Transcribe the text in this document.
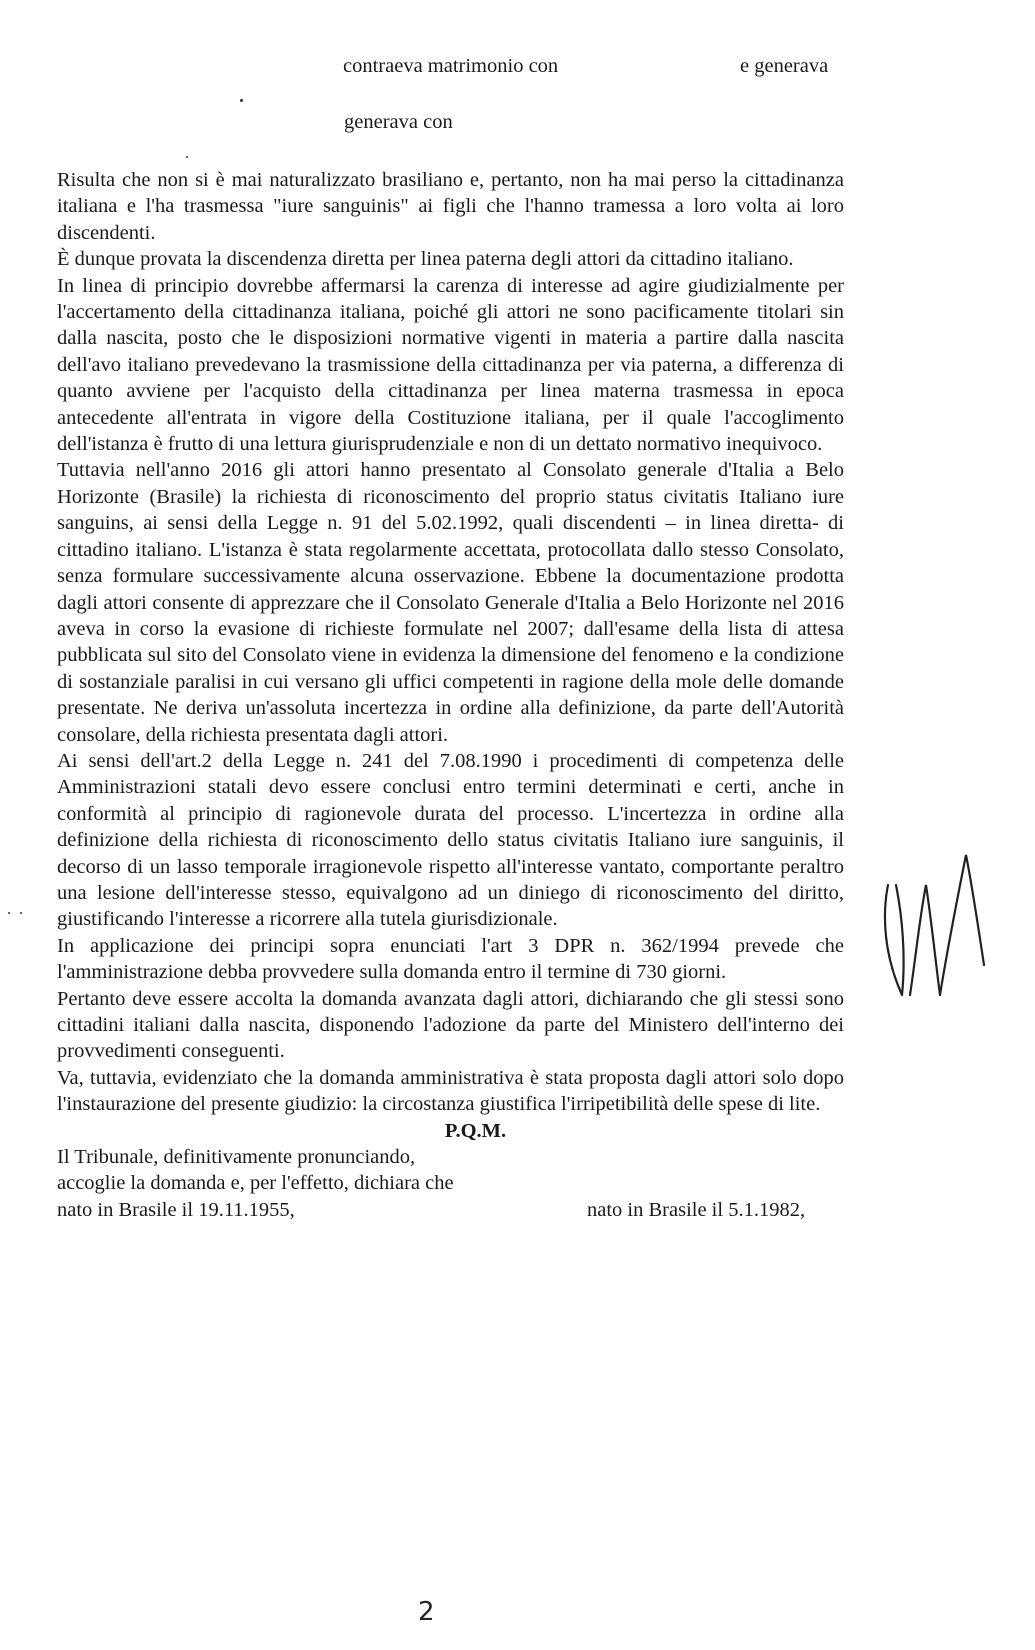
contraeva matrimonio con	e generava
generava con

Risulta che non si è mai naturalizzato brasiliano e, pertanto, non ha mai perso la cittadinanza italiana e l'ha trasmessa "iure sanguinis" ai figli che l'hanno tramessa a loro volta ai loro discendenti.

È dunque provata la discendenza diretta per linea paterna degli attori da cittadino italiano.

In linea di principio dovrebbe affermarsi la carenza di interesse ad agire giudizialmente per l'accertamento della cittadinanza italiana, poiché gli attori ne sono pacificamente titolari sin dalla nascita, posto che le disposizioni normative vigenti in materia a partire dalla nascita dell'avo italiano prevedevano la trasmissione della cittadinanza per via paterna, a differenza di quanto avviene per l'acquisto della cittadinanza per linea materna trasmessa in epoca antecedente all'entrata in vigore della Costituzione italiana, per il quale l'accoglimento dell'istanza è frutto di una lettura giurisprudenziale e non di un dettato normativo inequivoco.

Tuttavia nell'anno 2016 gli attori hanno presentato al Consolato generale d'Italia a Belo Horizonte (Brasile) la richiesta di riconoscimento del proprio status civitatis Italiano iure sanguins, ai sensi della Legge n. 91 del 5.02.1992, quali discendenti – in linea diretta- di cittadino italiano. L'istanza è stata regolarmente accettata, protocollata dallo stesso Consolato, senza formulare successivamente alcuna osservazione. Ebbene la documentazione prodotta dagli attori consente di apprezzare che il Consolato Generale d'Italia a Belo Horizonte nel 2016 aveva in corso la evasione di richieste formulate nel 2007; dall'esame della lista di attesa pubblicata sul sito del Consolato viene in evidenza la dimensione del fenomeno e la condizione di sostanziale paralisi in cui versano gli uffici competenti in ragione della mole delle domande presentate. Ne deriva un'assoluta incertezza in ordine alla definizione, da parte dell'Autorità consolare, della richiesta presentata dagli attori.

Ai sensi dell'art.2 della Legge n. 241 del 7.08.1990 i procedimenti di competenza delle Amministrazioni statali devo essere conclusi entro termini determinati e certi, anche in conformità al principio di ragionevole durata del processo. L'incertezza in ordine alla definizione della richiesta di riconoscimento dello status civitatis Italiano iure sanguinis, il decorso di un lasso temporale irragionevole rispetto all'interesse vantato, comportante peraltro una lesione dell'interesse stesso, equivalgono ad un diniego di riconoscimento del diritto, giustificando l'interesse a ricorrere alla tutela giurisdizionale.

In applicazione dei principi sopra enunciati l'art 3 DPR n. 362/1994 prevede che l'amministrazione debba provvedere sulla domanda entro il termine di 730 giorni.

Pertanto deve essere accolta la domanda avanzata dagli attori, dichiarando che gli stessi sono cittadini italiani dalla nascita, disponendo l'adozione da parte del Ministero dell'interno dei provvedimenti conseguenti.

Va, tuttavia, evidenziato che la domanda amministrativa è stata proposta dagli attori solo dopo l'instaurazione del presente giudizio: la circostanza giustifica l'irripetibilità delle spese di lite.

P.Q.M.

Il Tribunale, definitivamente pronunciando,

accoglie la domanda e, per l'effetto, dichiara che

nato in Brasile il 19.11.1955,	nato in Brasile il 5.1.1982,
2
